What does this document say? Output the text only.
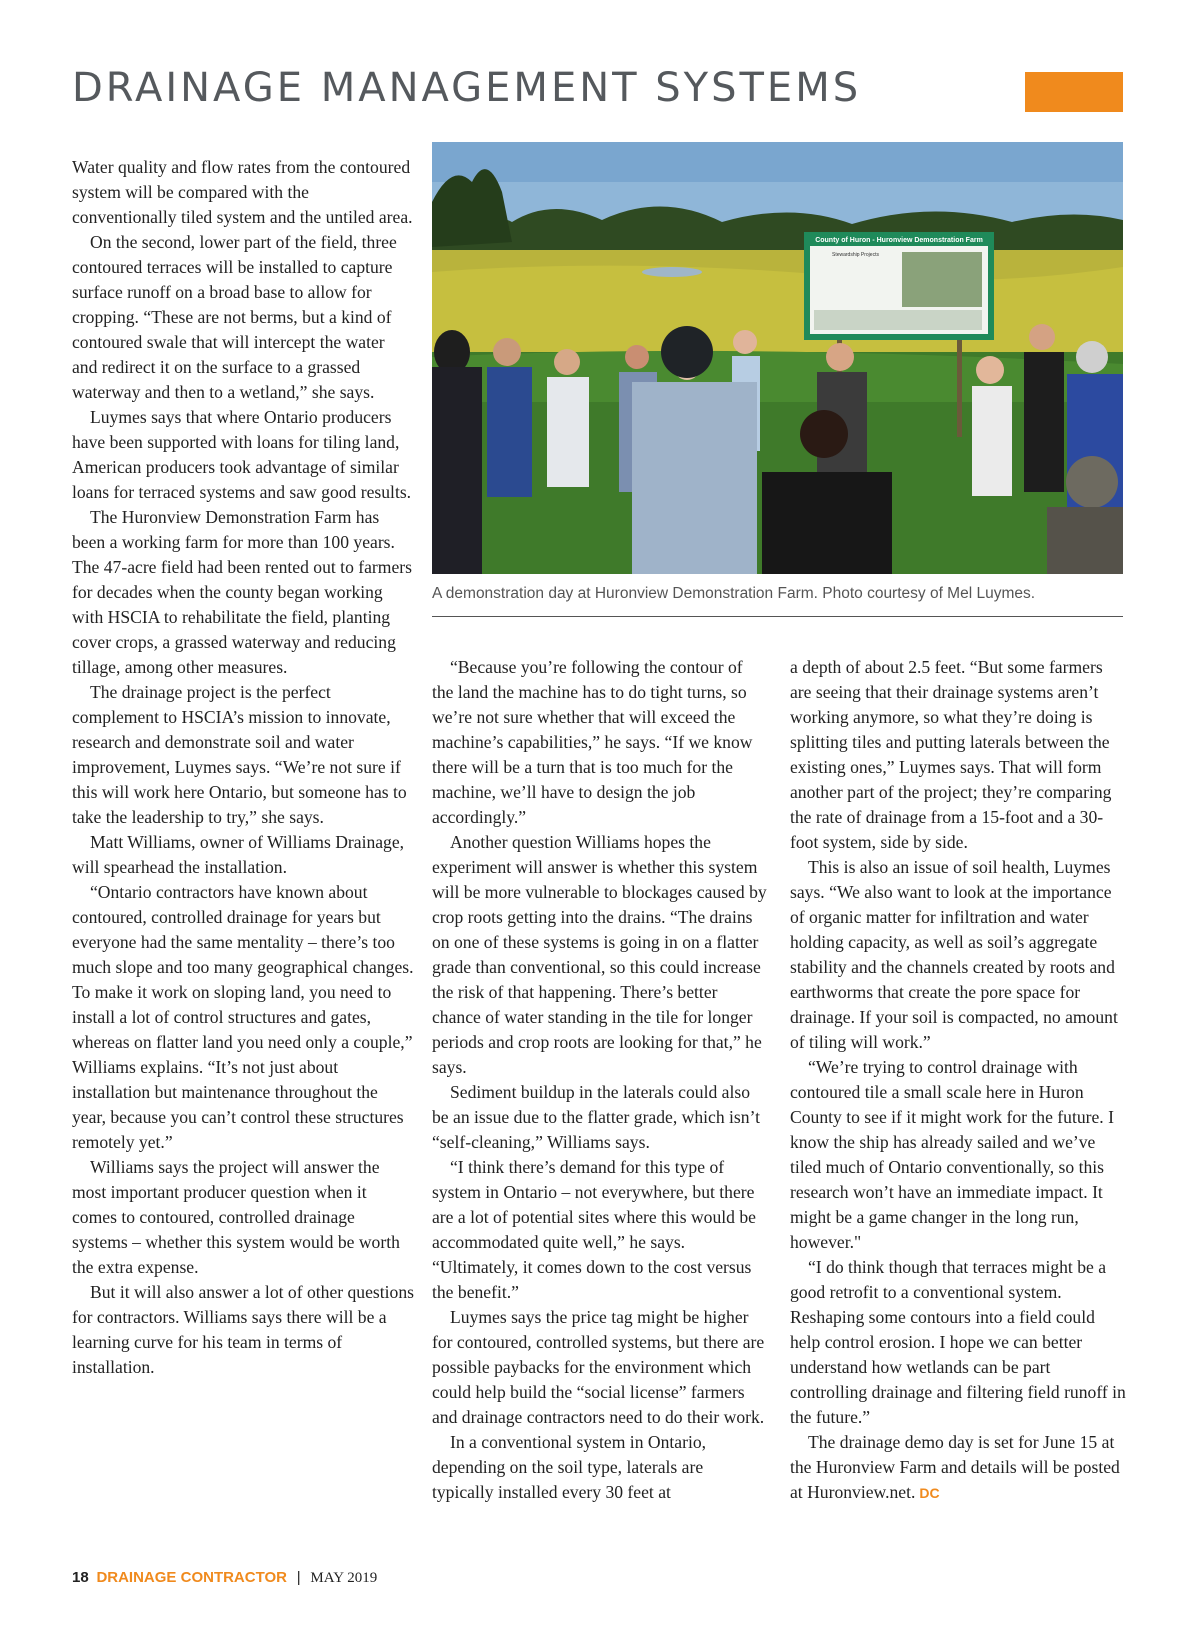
DRAINAGE MANAGEMENT SYSTEMS

Water quality and flow rates from the contoured system will be compared with the conventionally tiled system and the untiled area.

On the second, lower part of the field, three contoured terraces will be installed to capture surface runoff on a broad base to allow for cropping. “These are not berms, but a kind of contoured swale that will intercept the water and redirect it on the surface to a grassed waterway and then to a wetland,” she says.

Luymes says that where Ontario producers have been supported with loans for tiling land, American producers took advantage of similar loans for terraced systems and saw good results.

The Huronview Demonstration Farm has been a working farm for more than 100 years. The 47-acre field had been rented out to farmers for decades when the county began working with HSCIA to rehabilitate the field, planting cover crops, a grassed waterway and reducing tillage, among other measures.

The drainage project is the perfect complement to HSCIA’s mission to innovate, research and demonstrate soil and water improvement, Luymes says. “We’re not sure if this will work here Ontario, but someone has to take the leadership to try,” she says.

Matt Williams, owner of Williams Drainage, will spearhead the installation.

“Ontario contractors have known about contoured, controlled drainage for years but everyone had the same mentality – there’s too much slope and too many geographical changes. To make it work on sloping land, you need to install a lot of control structures and gates, whereas on flatter land you need only a couple,” Williams explains. “It’s not just about installation but maintenance throughout the year, because you can’t control these structures remotely yet.”

Williams says the project will answer the most important producer question when it comes to contoured, controlled drainage systems – whether this system would be worth the extra expense.

But it will also answer a lot of other questions for contractors. Williams says there will be a learning curve for his team in terms of installation.

County of Huron - Huronview Demonstration Farm
Stewardship Projects
A demonstration day at Huronview Demonstration Farm. Photo courtesy of Mel Luymes.

“Because you’re following the contour of the land the machine has to do tight turns, so we’re not sure whether that will exceed the machine’s capabilities,” he says. “If we know there will be a turn that is too much for the machine, we’ll have to design the job accordingly.”

Another question Williams hopes the experiment will answer is whether this system will be more vulnerable to blockages caused by crop roots getting into the drains. “The drains on one of these systems is going in on a flatter grade than conventional, so this could increase the risk of that happening. There’s better chance of water standing in the tile for longer periods and crop roots are looking for that,” he says.

Sediment buildup in the laterals could also be an issue due to the flatter grade, which isn’t “self-cleaning,” Williams says.

“I think there’s demand for this type of system in Ontario – not everywhere, but there are a lot of potential sites where this would be accommodated quite well,” he says. “Ultimately, it comes down to the cost versus the benefit.”

Luymes says the price tag might be higher for contoured, controlled systems, but there are possible paybacks for the environment which could help build the “social license” farmers and drainage contractors need to do their work.

In a conventional system in Ontario, depending on the soil type, laterals are typically installed every 30 feet at

a depth of about 2.5 feet. “But some farmers are seeing that their drainage systems aren’t working anymore, so what they’re doing is splitting tiles and putting laterals between the existing ones,” Luymes says. That will form another part of the project; they’re comparing the rate of drainage from a 15-foot and a 30-foot system, side by side.

This is also an issue of soil health, Luymes says. “We also want to look at the importance of organic matter for infiltration and water holding capacity, as well as soil’s aggregate stability and the channels created by roots and earthworms that create the pore space for drainage. If your soil is compacted, no amount of tiling will work.”

“We’re trying to control drainage with contoured tile a small scale here in Huron County to see if it might work for the future. I know the ship has already sailed and we’ve tiled much of Ontario conventionally, so this research won’t have an immediate impact. It might be a game changer in the long run, however."

“I do think though that terraces might be a good retrofit to a conventional system. Reshaping some contours into a field could help control erosion. I hope we can better understand how wetlands can be part controlling drainage and filtering field runoff in the future.”

The drainage demo day is set for June 15 at the Huronview Farm and details will be posted at Huronview.net. DC

18 DRAINAGE CONTRACTOR | MAY 2019
